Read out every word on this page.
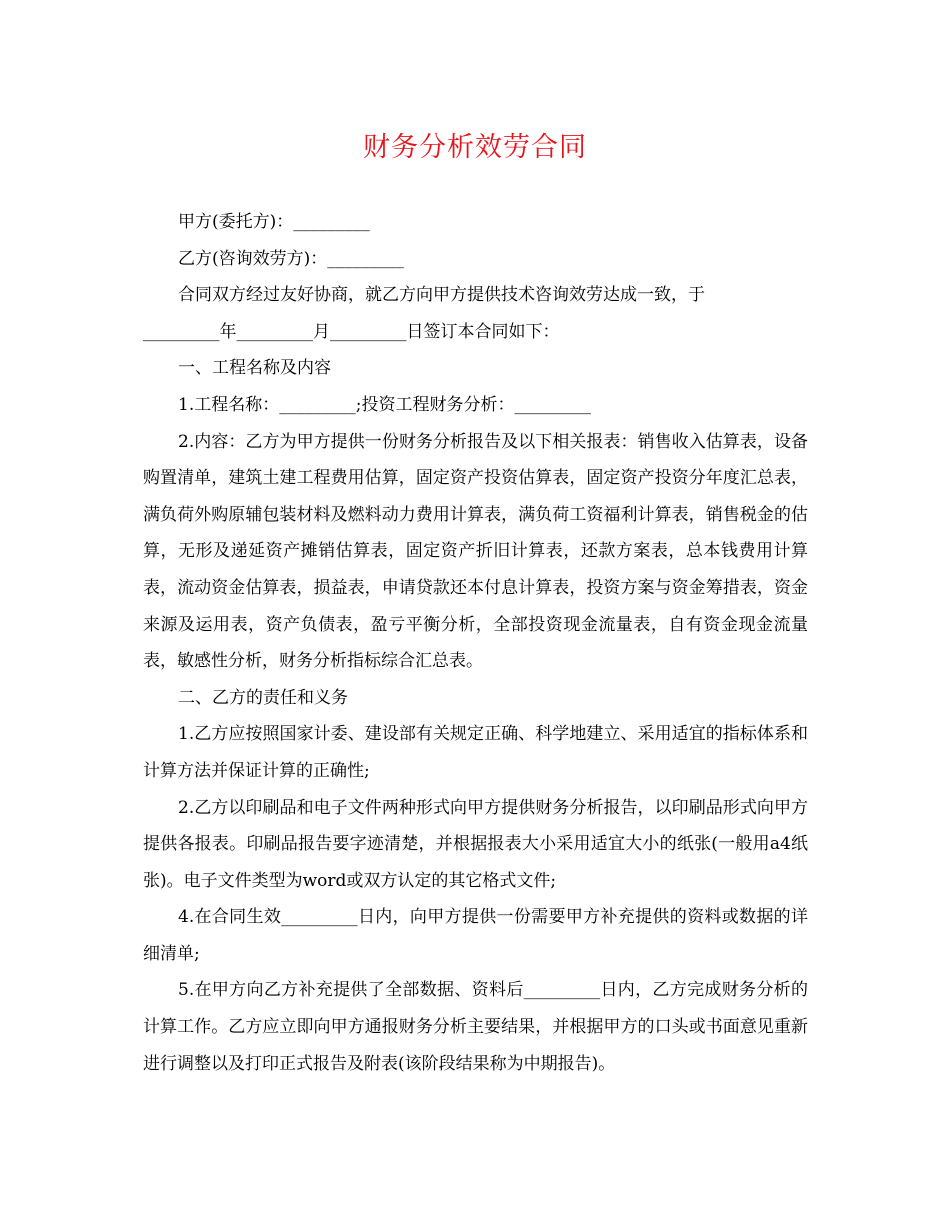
财务分析效劳合同

甲方(委托方)：_________

乙方(咨询效劳方)：_________

合同双方经过友好协商，就乙方向甲方提供技术咨询效劳达成一致，于

_________年_________月_________日签订本合同如下：

一、工程名称及内容

1.工程名称：_________;投资工程财务分析：_________

2.内容：乙方为甲方提供一份财务分析报告及以下相关报表：销售收入估算表，设备购置清单，建筑土建工程费用估算，固定资产投资估算表，固定资产投资分年度汇总表，满负荷外购原辅包装材料及燃料动力费用计算表，满负荷工资福利计算表，销售税金的估算，无形及递延资产摊销估算表，固定资产折旧计算表，还款方案表，总本钱费用计算表，流动资金估算表，损益表，申请贷款还本付息计算表，投资方案与资金筹措表，资金来源及运用表，资产负债表，盈亏平衡分析，全部投资现金流量表，自有资金现金流量表，敏感性分析，财务分析指标综合汇总表。

二、乙方的责任和义务

1.乙方应按照国家计委、建设部有关规定正确、科学地建立、采用适宜的指标体系和计算方法并保证计算的正确性;

2.乙方以印刷品和电子文件两种形式向甲方提供财务分析报告，以印刷品形式向甲方提供各报表。印刷品报告要字迹清楚，并根据报表大小采用适宜大小的纸张(一般用a4纸张)。电子文件类型为word或双方认定的其它格式文件;

4.在合同生效_________日内，向甲方提供一份需要甲方补充提供的资料或数据的详细清单;

5.在甲方向乙方补充提供了全部数据、资料后_________日内，乙方完成财务分析的计算工作。乙方应立即向甲方通报财务分析主要结果，并根据甲方的口头或书面意见重新进行调整以及打印正式报告及附表(该阶段结果称为中期报告)。
